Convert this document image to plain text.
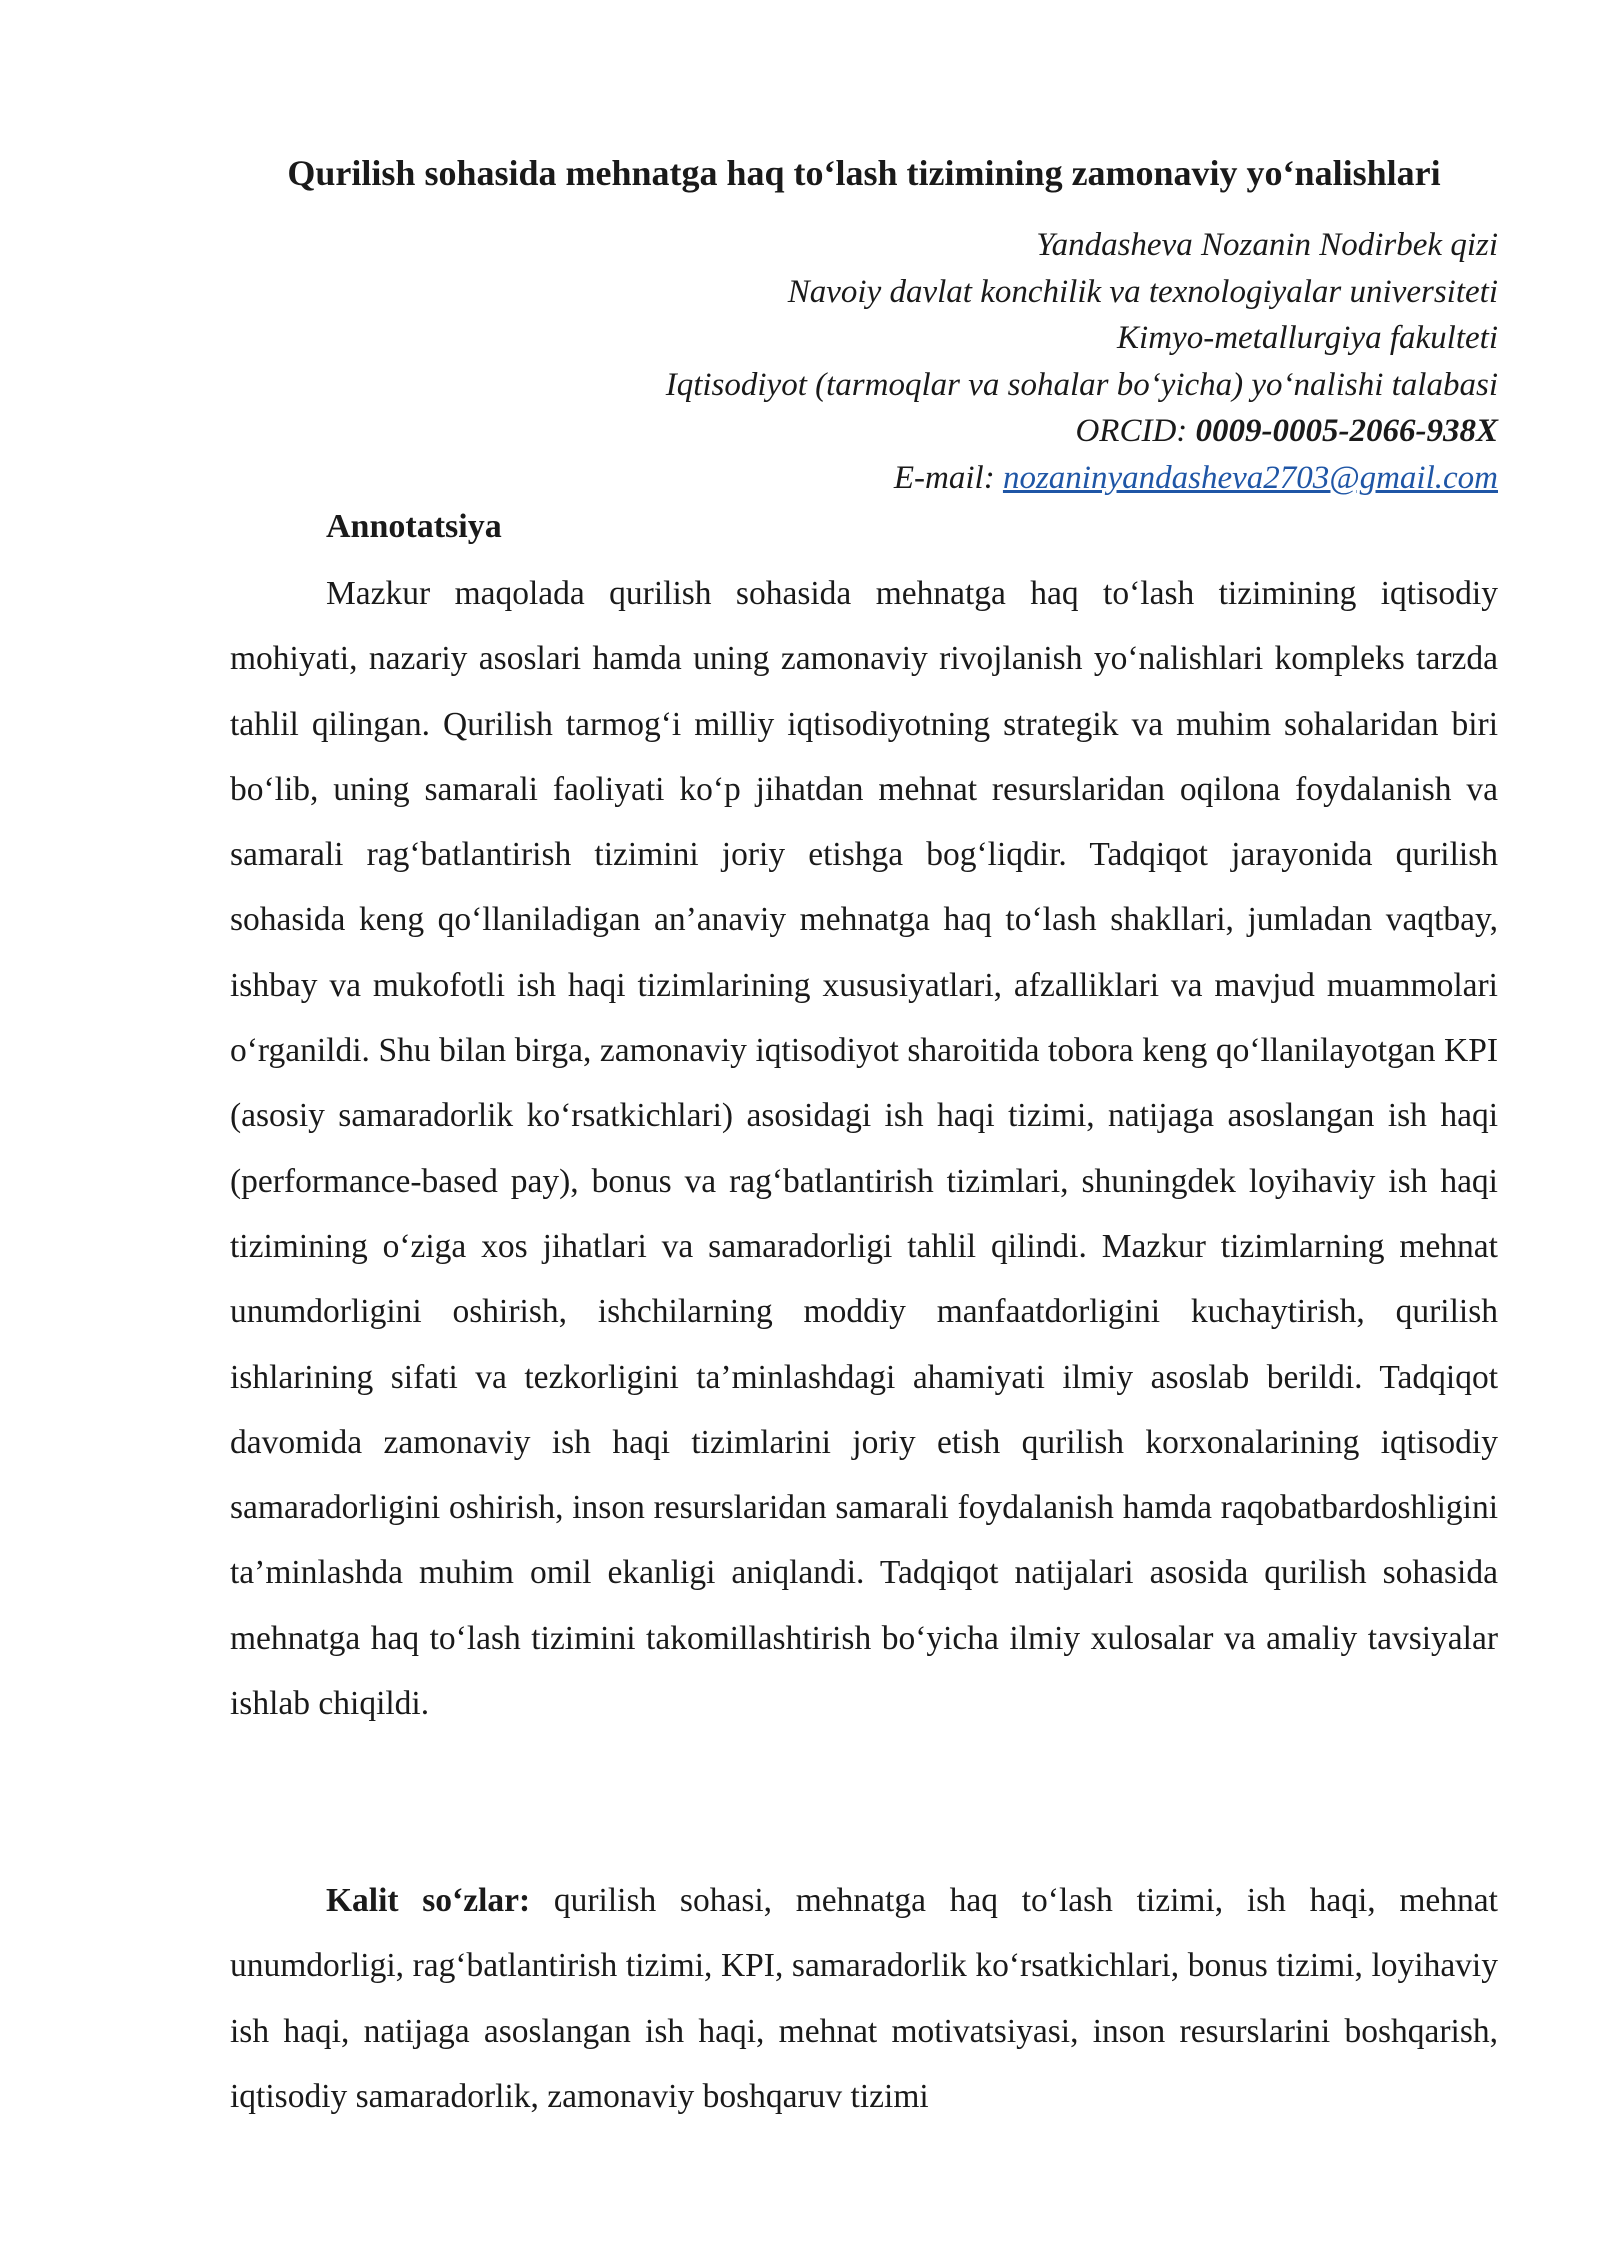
Qurilish sohasida mehnatga haq to‘lash tizimining zamonaviy yo‘nalishlari
Yandasheva Nozanin Nodirbek qizi
Navoiy davlat konchilik va texnologiyalar universiteti
Kimyo-metallurgiya fakulteti
Iqtisodiyot (tarmoqlar va sohalar bo‘yicha) yo‘nalishi talabasi
ORCID: 0009-0005-2066-938X
E-mail: nozaninyandasheva2703@gmail.com
Annotatsiya

Mazkur maqolada qurilish sohasida mehnatga haq to‘lash tizimining iqtisodiy mohiyati, nazariy asoslari hamda uning zamonaviy rivojlanish yo‘nalishlari kompleks tarzda tahlil qilingan. Qurilish tarmog‘i milliy iqtisodiyotning strategik va muhim sohalaridan biri bo‘lib, uning samarali faoliyati ko‘p jihatdan mehnat resurslaridan oqilona foydalanish va samarali rag‘batlantirish tizimini joriy etishga bog‘liqdir. Tadqiqot jarayonida qurilish sohasida keng qo‘llaniladigan an’anaviy mehnatga haq to‘lash shakllari, jumladan vaqtbay, ishbay va mukofotli ish haqi tizimlarining xususiyatlari, afzalliklari va mavjud muammolari o‘rganildi. Shu bilan birga, zamonaviy iqtisodiyot sharoitida tobora keng qo‘llanilayotgan KPI (asosiy samaradorlik ko‘rsatkichlari) asosidagi ish haqi tizimi, natijaga asoslangan ish haqi (performance-based pay), bonus va rag‘batlantirish tizimlari, shuningdek loyihaviy ish haqi tizimining o‘ziga xos jihatlari va samaradorligi tahlil qilindi. Mazkur tizimlarning mehnat unumdorligini oshirish, ishchilarning moddiy manfaatdorligini kuchaytirish, qurilish ishlarining sifati va tezkorligini ta’minlashdagi ahamiyati ilmiy asoslab berildi. Tadqiqot davomida zamonaviy ish haqi tizimlarini joriy etish qurilish korxonalarining iqtisodiy samaradorligini oshirish, inson resurslaridan samarali foydalanish hamda raqobatbardoshligini ta’minlashda muhim omil ekanligi aniqlandi. Tadqiqot natijalari asosida qurilish sohasida mehnatga haq to‘lash tizimini takomillashtirish bo‘yicha ilmiy xulosalar va amaliy tavsiyalar ishlab chiqildi.

Kalit so‘zlar: qurilish sohasi, mehnatga haq to‘lash tizimi, ish haqi, mehnat unumdorligi, rag‘batlantirish tizimi, KPI, samaradorlik ko‘rsatkichlari, bonus tizimi, loyihaviy ish haqi, natijaga asoslangan ish haqi, mehnat motivatsiyasi, inson resurslarini boshqarish, iqtisodiy samaradorlik, zamonaviy boshqaruv tizimi
